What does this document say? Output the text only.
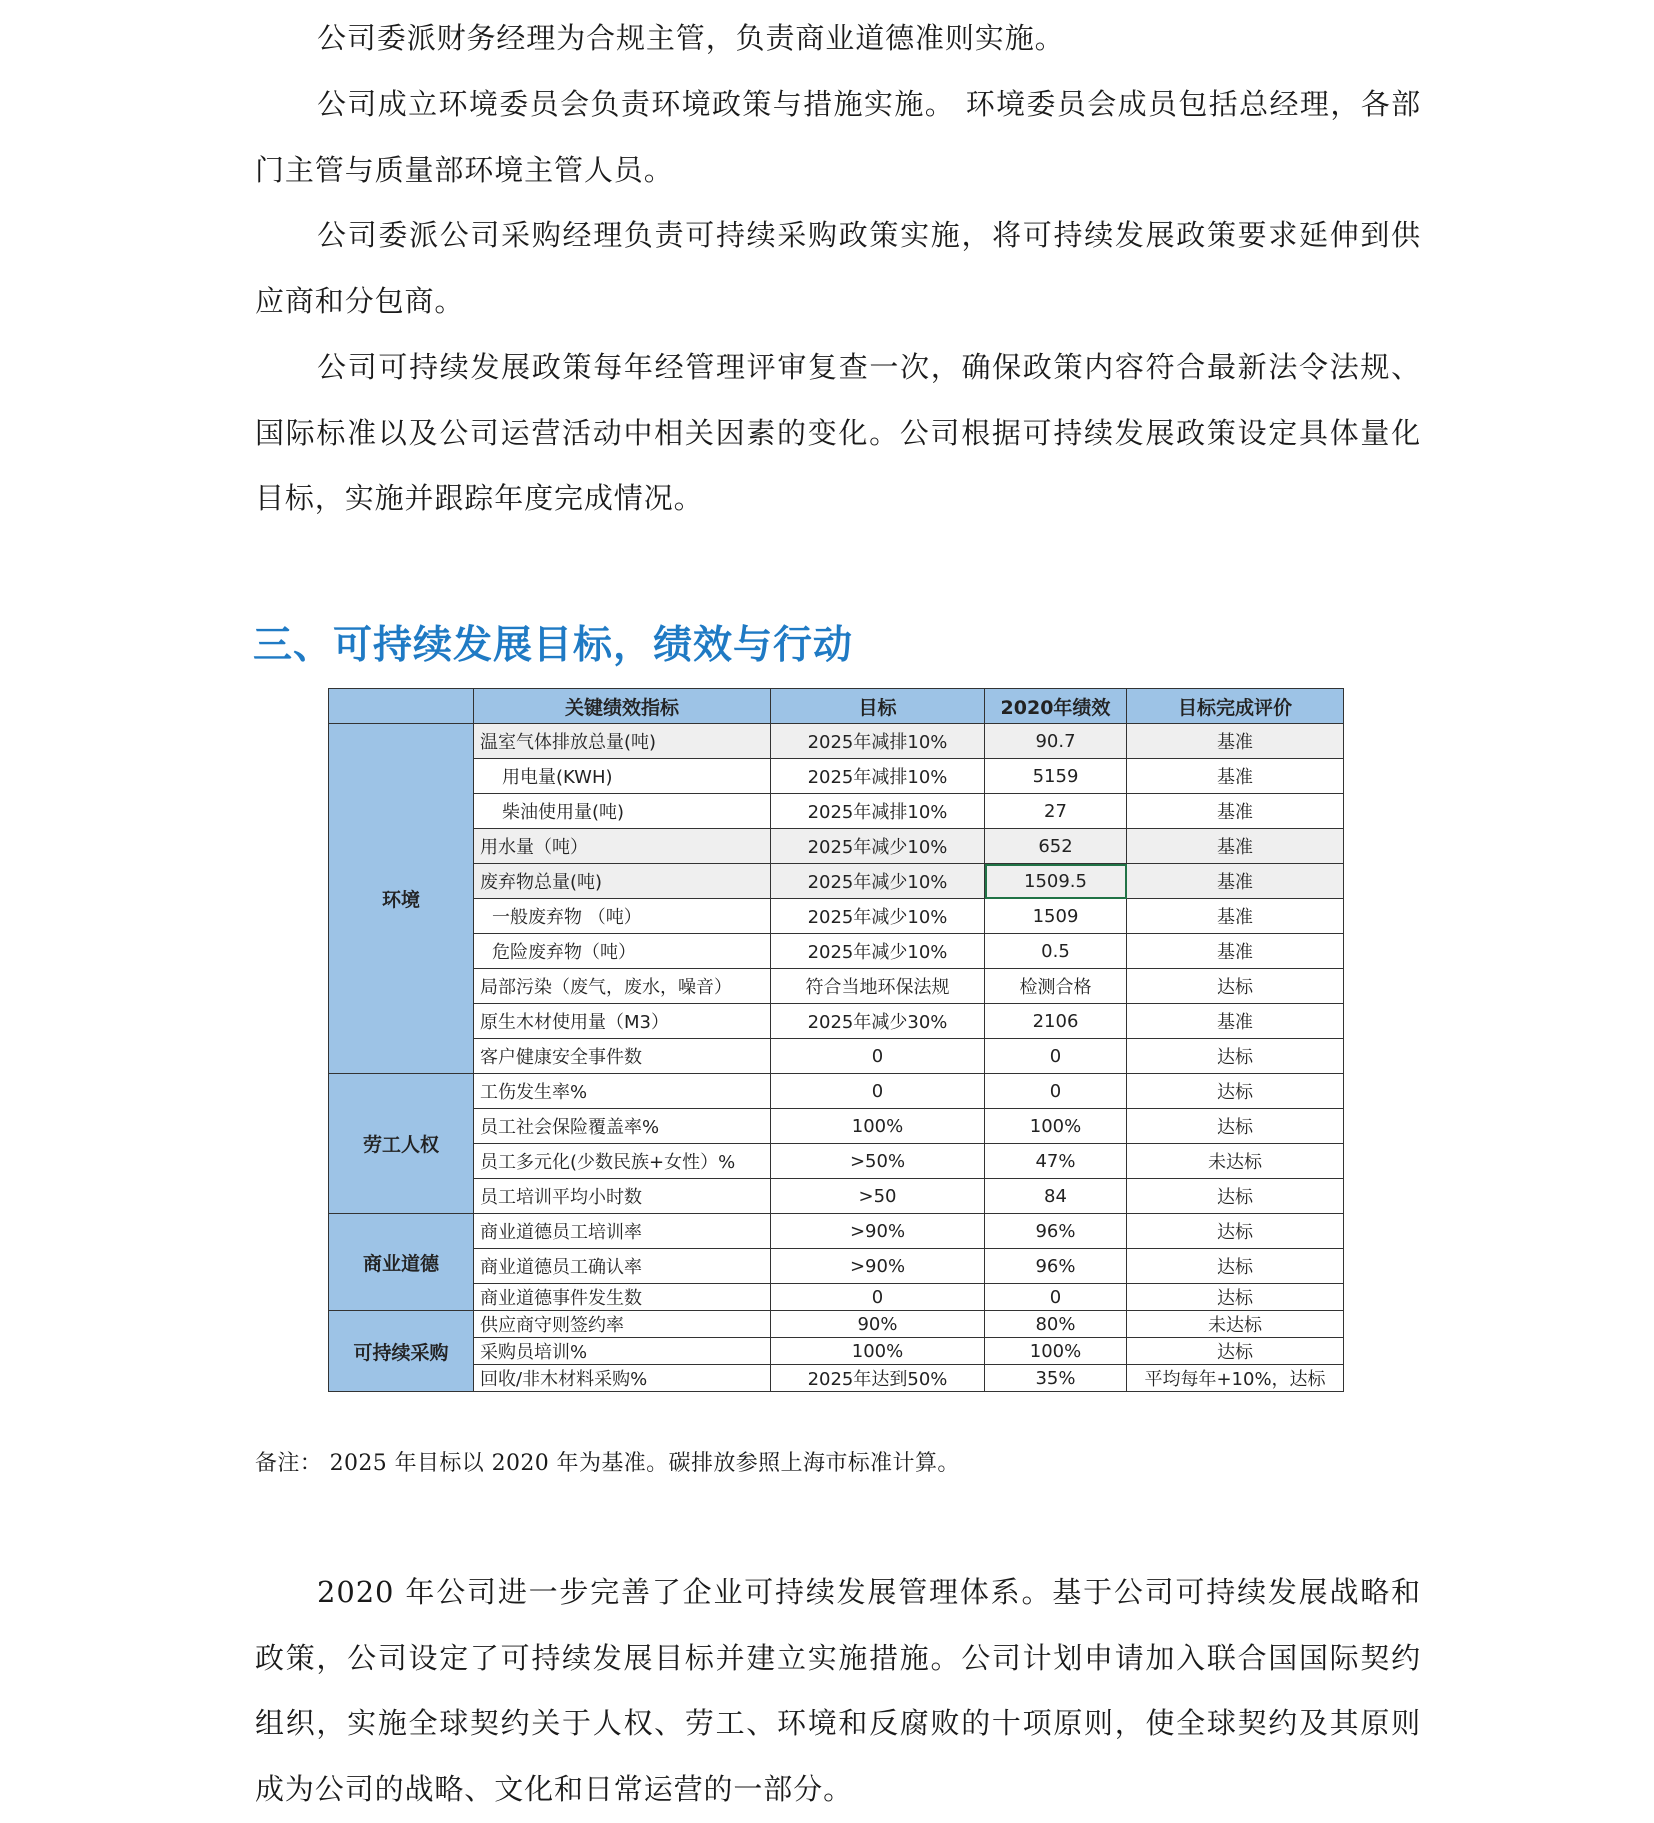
公司委派财务经理为合规主管，负责商业道德准则实施。

公司成立环境委员会负责环境政策与措施实施。 环境委员会成员包括总经理，各部门主管与质量部环境主管人员。

公司委派公司采购经理负责可持续采购政策实施，将可持续发展政策要求延伸到供应商和分包商。

公司可持续发展政策每年经管理评审复查一次，确保政策内容符合最新法令法规、国际标准以及公司运营活动中相关因素的变化。公司根据可持续发展政策设定具体量化目标，实施并跟踪年度完成情况。

三、可持续发展目标，绩效与行动
	关键绩效指标	目标	2020年绩效	目标完成评价
环境	温室气体排放总量(吨)	2025年减排10%	90.7	基准
	用电量(KWH)	2025年减排10%	5159	基准
	柴油使用量(吨)	2025年减排10%	27	基准
	用水量（吨）	2025年减少10%	652	基准
	废弃物总量(吨)	2025年减少10%	1509.5	基准
	一般废弃物 （吨）	2025年减少10%	1509	基准
	危险废弃物（吨）	2025年减少10%	0.5	基准
	局部污染（废气，废水，噪音）	符合当地环保法规	检测合格	达标
	原生木材使用量（M3）	2025年减少30%	2106	基准
	客户健康安全事件数	0	0	达标
劳工人权	工伤发生率%	0	0	达标
	员工社会保险覆盖率%	100%	100%	达标
	员工多元化(少数民族+女性）%	>50%	47%	未达标
	员工培训平均小时数	>50	84	达标
商业道德	商业道德员工培训率	>90%	96%	达标
	商业道德员工确认率	>90%	96%	达标
	商业道德事件发生数	0	0	达标
可持续采购	供应商守则签约率	90%	80%	未达标
	采购员培训%	100%	100%	达标
	回收/非木材料采购%	2025年达到50%	35%	平均每年+10%，达标

备注： 2025 年目标以 2020 年为基准。碳排放参照上海市标准计算。

2020 年公司进一步完善了企业可持续发展管理体系。基于公司可持续发展战略和政策，公司设定了可持续发展目标并建立实施措施。公司计划申请加入联合国国际契约组织，实施全球契约关于人权、劳工、环境和反腐败的十项原则，使全球契约及其原则成为公司的战略、文化和日常运营的一部分。
